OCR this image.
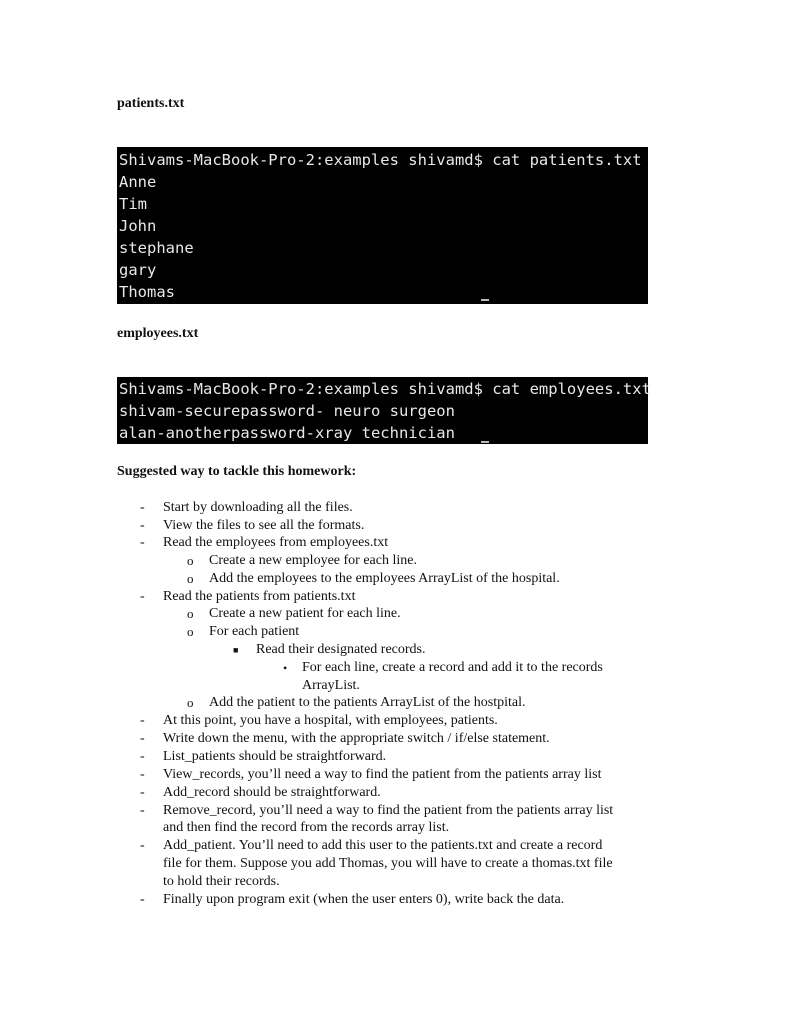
patients.txt
Shivams-MacBook-Pro-2:examples shivamd$ cat patients.txt
Anne
Tim
John
stephane
gary
Thomas
employees.txt
Shivams-MacBook-Pro-2:examples shivamd$ cat employees.txt
shivam-securepassword- neuro surgeon
alan-anotherpassword-xray technician
Suggested way to tackle this homework:
- Start by downloading all the files.
- View the files to see all the formats.
- Read the employees from employees.txt
o Create a new employee for each line.
o Add the employees to the employees ArrayList of the hospital.
- Read the patients from patients.txt
o Create a new patient for each line.
o For each patient
■ Read their designated records.
• For each line, create a record and add it to the records
ArrayList.
o Add the patient to the patients ArrayList of the hostpital.
- At this point, you have a hospital, with employees, patients.
- Write down the menu, with the appropriate switch / if/else statement.
- List_patients should be straightforward.
- View_records, you’ll need a way to find the patient from the patients array list
- Add_record should be straightforward.
- Remove_record, you’ll need a way to find the patient from the patients array list
and then find the record from the records array list.
- Add_patient. You’ll need to add this user to the patients.txt and create a record
file for them. Suppose you add Thomas, you will have to create a thomas.txt file
to hold their records.
- Finally upon program exit (when the user enters 0), write back the data.
